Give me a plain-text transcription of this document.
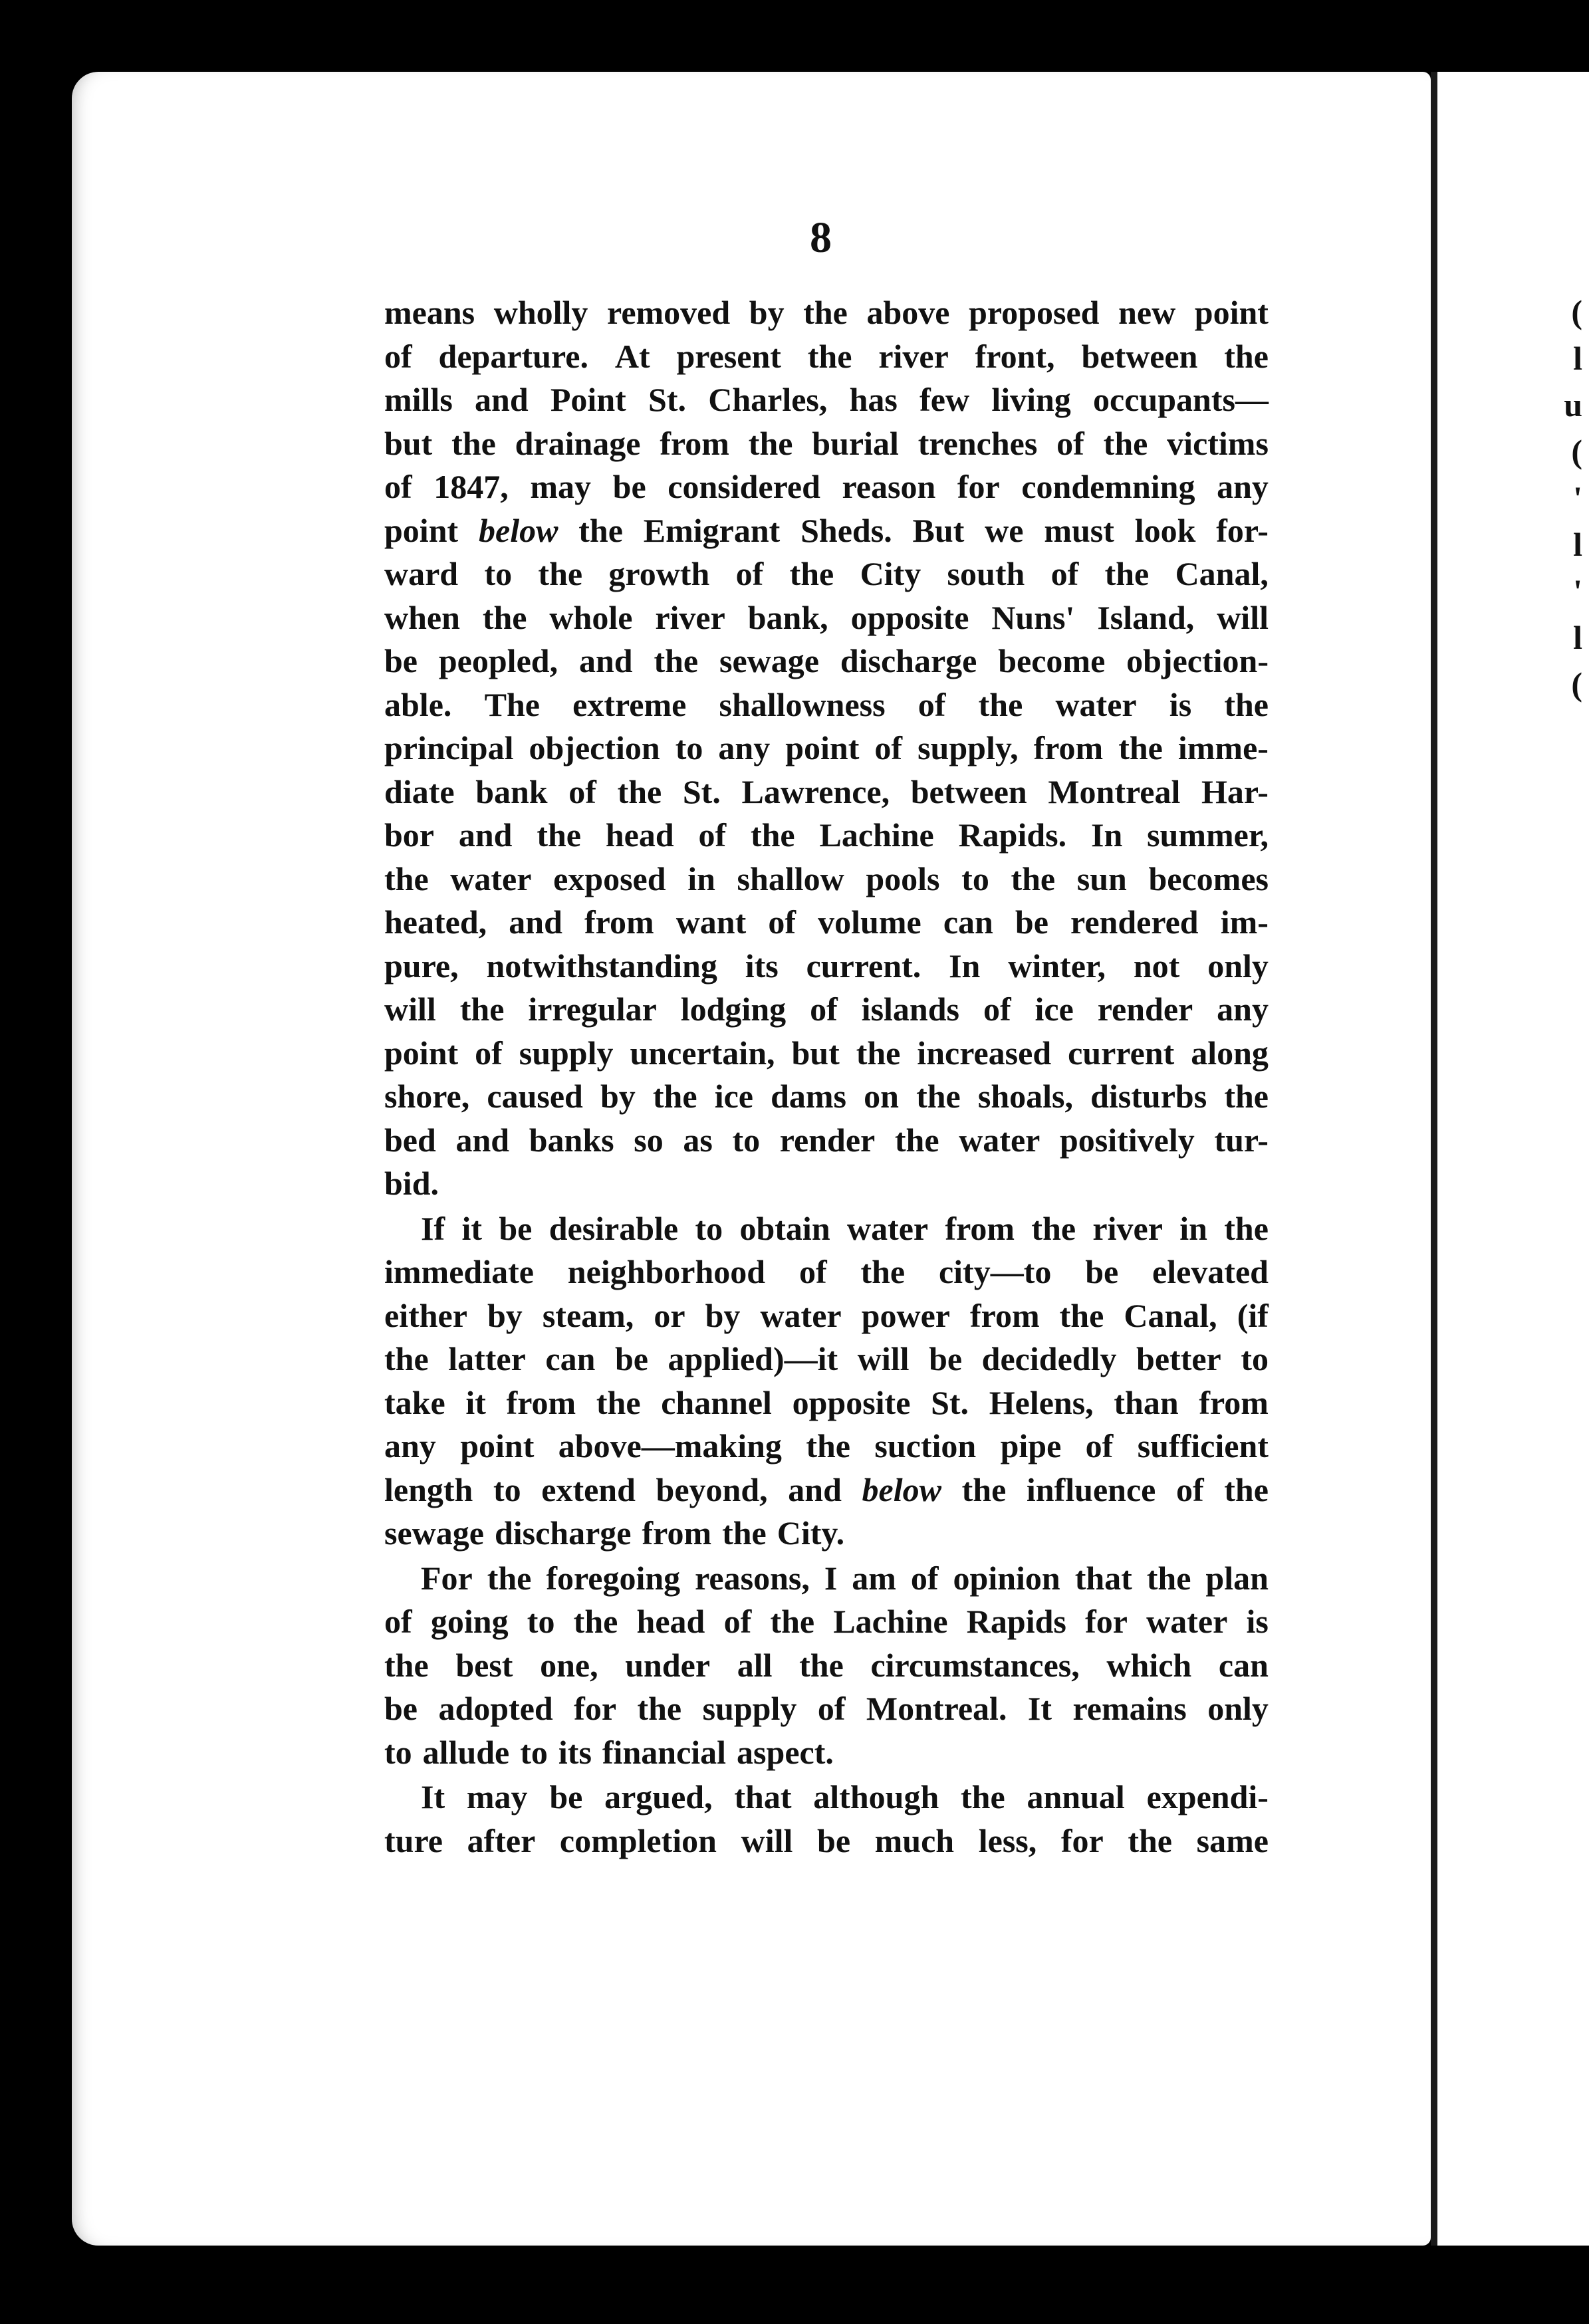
8
means wholly removed by the above proposed new point
of departure. At present the river front, between the
mills and Point St. Charles, has few living occupants—
but the drainage from the burial trenches of the victims
of 1847, may be considered reason for condemning any
point below the Emigrant Sheds. But we must look for-
ward to the growth of the City south of the Canal,
when the whole river bank, opposite Nuns' Island, will
be peopled, and the sewage discharge become objection-
able. The extreme shallowness of the water is the
principal objection to any point of supply, from the imme-
diate bank of the St. Lawrence, between Montreal Har-
bor and the head of the Lachine Rapids. In summer,
the water exposed in shallow pools to the sun becomes
heated, and from want of volume can be rendered im-
pure, notwithstanding its current. In winter, not only
will the irregular lodging of islands of ice render any
point of supply uncertain, but the increased current along
shore, caused by the ice dams on the shoals, disturbs the
bed and banks so as to render the water positively tur-
bid.
If it be desirable to obtain water from the river in the
immediate neighborhood of the city—to be elevated
either by steam, or by water power from the Canal, (if
the latter can be applied)—it will be decidedly better to
take it from the channel opposite St. Helens, than from
any point above—making the suction pipe of sufficient
length to extend beyond, and below the influence of the
sewage discharge from the City.
For the foregoing reasons, I am of opinion that the plan
of going to the head of the Lachine Rapids for water is
the best one, under all the circumstances, which can
be adopted for the supply of Montreal. It remains only
to allude to its financial aspect.
It may be argued, that although the annual expendi-
ture after completion will be much less, for the same
(
l
u
(
'
l
'
l
(
